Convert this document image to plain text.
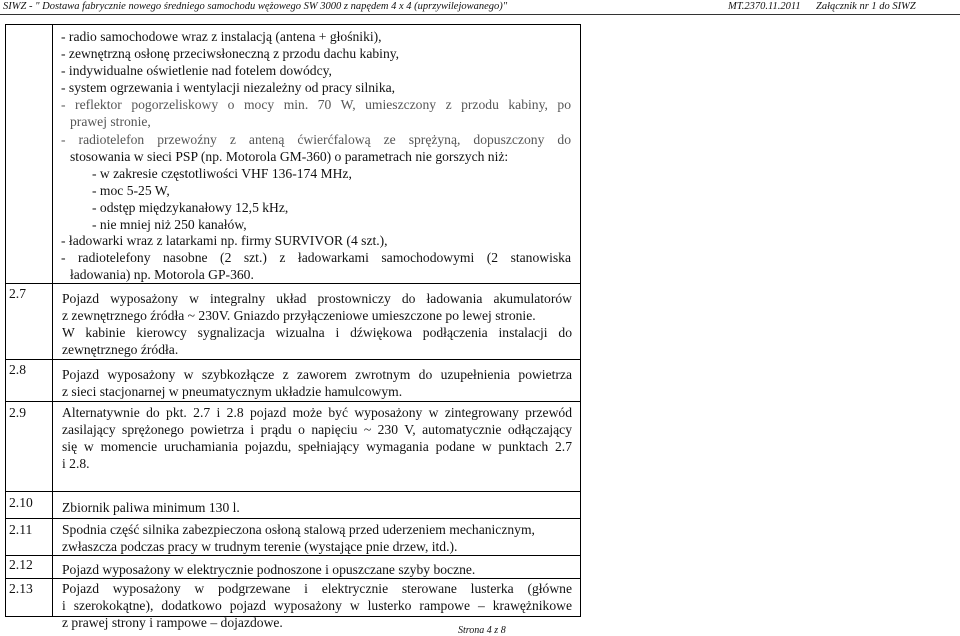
SIWZ - " Dostawa fabrycznie nowego średniego samochodu wężowego SW 3000 z napędem 4 x 4 (uprzywilejowanego)"	MT.2370.11.2011 Załącznik nr 1 do SIWZ
- radio samochodowe wraz z instalacją (antena + głośniki),
- zewnętrzną osłonę przeciwsłoneczną z przodu dachu kabiny,
- indywidualne oświetlenie nad fotelem dowódcy,
- system ogrzewania i wentylacji niezależny od pracy silnika,
- reflektor pogorzeliskowy o mocy min. 70 W, umieszczony z przodu kabiny, po
prawej stronie,
- radiotelefon przewoźny z anteną ćwierćfalową ze sprężyną, dopuszczony do
stosowania w sieci PSP (np. Motorola GM-360) o parametrach nie gorszych niż:
- w zakresie częstotliwości VHF 136-174 MHz,
- moc 5-25 W,
- odstęp międzykanałowy 12,5 kHz,
- nie mniej niż 250 kanałów,
- ładowarki wraz z latarkami np. firmy SURVIVOR (4 szt.),
- radiotelefony nasobne (2 szt.) z ładowarkami samochodowymi (2 stanowiska
ładowania) np. Motorola GP-360.
2.7	Pojazd wyposażony w integralny układ prostowniczy do ładowania akumulatorów
z zewnętrznego źródła ~ 230V. Gniazdo przyłączeniowe umieszczone po lewej stronie.
W kabinie kierowcy sygnalizacja wizualna i dźwiękowa podłączenia instalacji do
zewnętrznego źródła.
2.8	Pojazd wyposażony w szybkozłącze z zaworem zwrotnym do uzupełnienia powietrza
z sieci stacjonarnej w pneumatycznym układzie hamulcowym.
2.9	Alternatywnie do pkt. 2.7 i 2.8 pojazd może być wyposażony w zintegrowany przewód
zasilający sprężonego powietrza i prądu o napięciu ~ 230 V, automatycznie odłączający
się w momencie uruchamiania pojazdu, spełniający wymagania podane w punktach 2.7
i 2.8.
2.10 Zbiornik paliwa minimum 130 l.
2.11 Spodnia część silnika zabezpieczona osłoną stalową przed uderzeniem mechanicznym,
zwłaszcza podczas pracy w trudnym terenie (wystające pnie drzew, itd.).
2.12 Pojazd wyposażony w elektrycznie podnoszone i opuszczane szyby boczne.
2.13 Pojazd wyposażony w podgrzewane i elektrycznie sterowane lusterka (główne
i szerokokątne), dodatkowo pojazd wyposażony w lusterko rampowe – krawężnikowe
z prawej strony i rampowe – dojazdowe.
Strona 4 z 8
